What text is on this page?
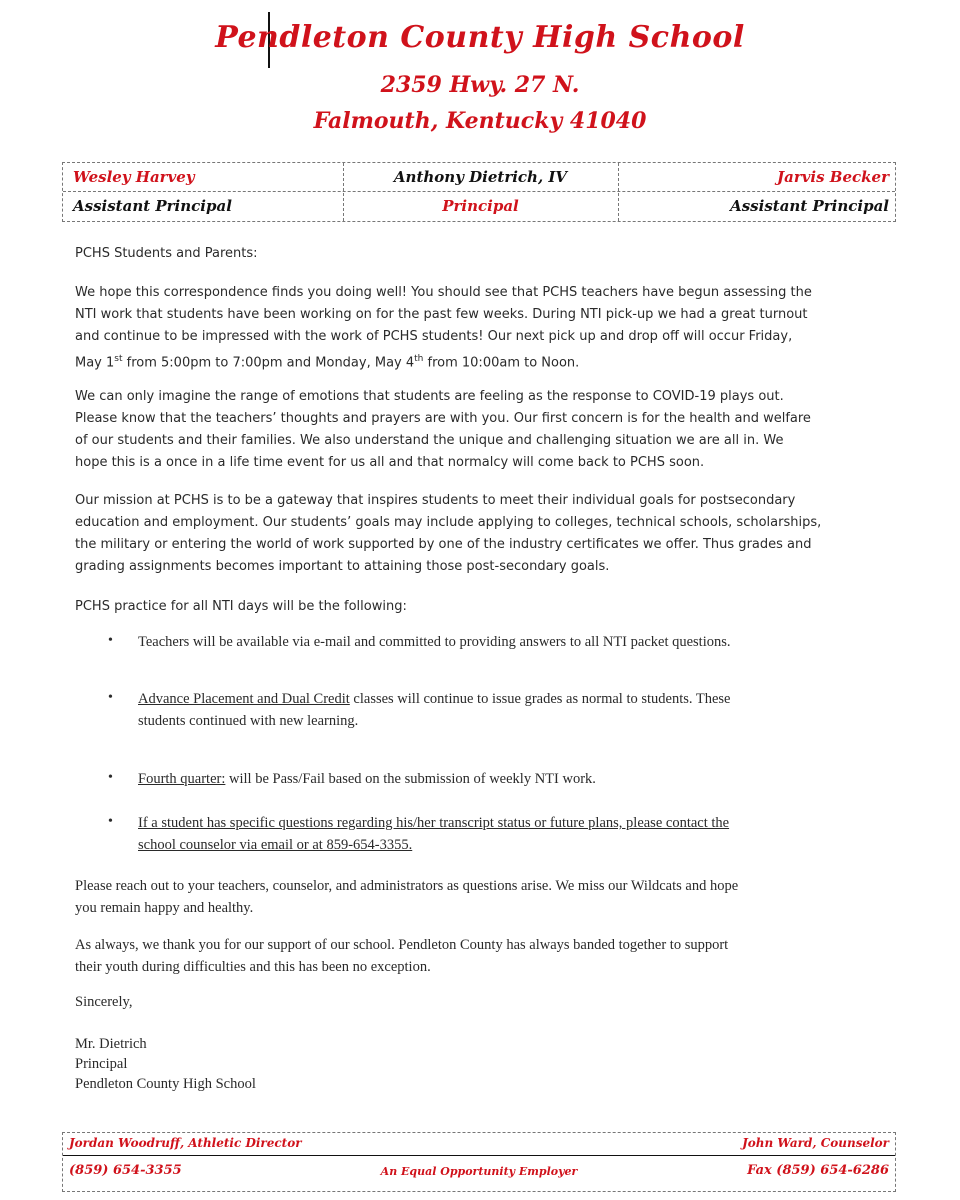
Pendleton County High School
2359 Hwy. 27 N.
Falmouth, Kentucky 41040
Wesley Harvey	Anthony Dietrich, IV	Jarvis Becker
Assistant Principal	Principal	Assistant Principal

PCHS Students and Parents:

We hope this correspondence finds you doing well! You should see that PCHS teachers have begun assessing the
NTI work that students have been working on for the past few weeks. During NTI pick-up we had a great turnout
and continue to be impressed with the work of PCHS students! Our next pick up and drop off will occur Friday,
May 1st from 5:00pm to 7:00pm and Monday, May 4th from 10:00am to Noon.
We can only imagine the range of emotions that students are feeling as the response to COVID-19 plays out.
Please know that the teachers’ thoughts and prayers are with you. Our first concern is for the health and welfare
of our students and their families. We also understand the unique and challenging situation we are all in. We
hope this is a once in a life time event for us all and that normalcy will come back to PCHS soon.
Our mission at PCHS is to be a gateway that inspires students to meet their individual goals for postsecondary
education and employment. Our students’ goals may include applying to colleges, technical schools, scholarships,
the military or entering the world of work supported by one of the industry certificates we offer. Thus grades and
grading assignments becomes important to attaining those post-secondary goals.

PCHS practice for all NTI days will be the following:

• Teachers will be available via e-mail and committed to providing answers to all NTI packet questions.
• Advance Placement and Dual Credit classes will continue to issue grades as normal to students. These
students continued with new learning.
• Fourth quarter: will be Pass/Fail based on the submission of weekly NTI work.
• If a student has specific questions regarding his/her transcript status or future plans, please contact the
school counselor via email or at 859-654-3355.
Please reach out to your teachers, counselor, and administrators as questions arise. We miss our Wildcats and hope
you remain happy and healthy.
As always, we thank you for our support of our school. Pendleton County has always banded together to support
their youth during difficulties and this has been no exception.

Sincerely,

Mr. Dietrich
Principal
Pendleton County High School
Jordan Woodruff, Athletic Director	John Ward, Counselor
(859) 654-3355	An Equal Opportunity Employer	Fax (859) 654-6286
